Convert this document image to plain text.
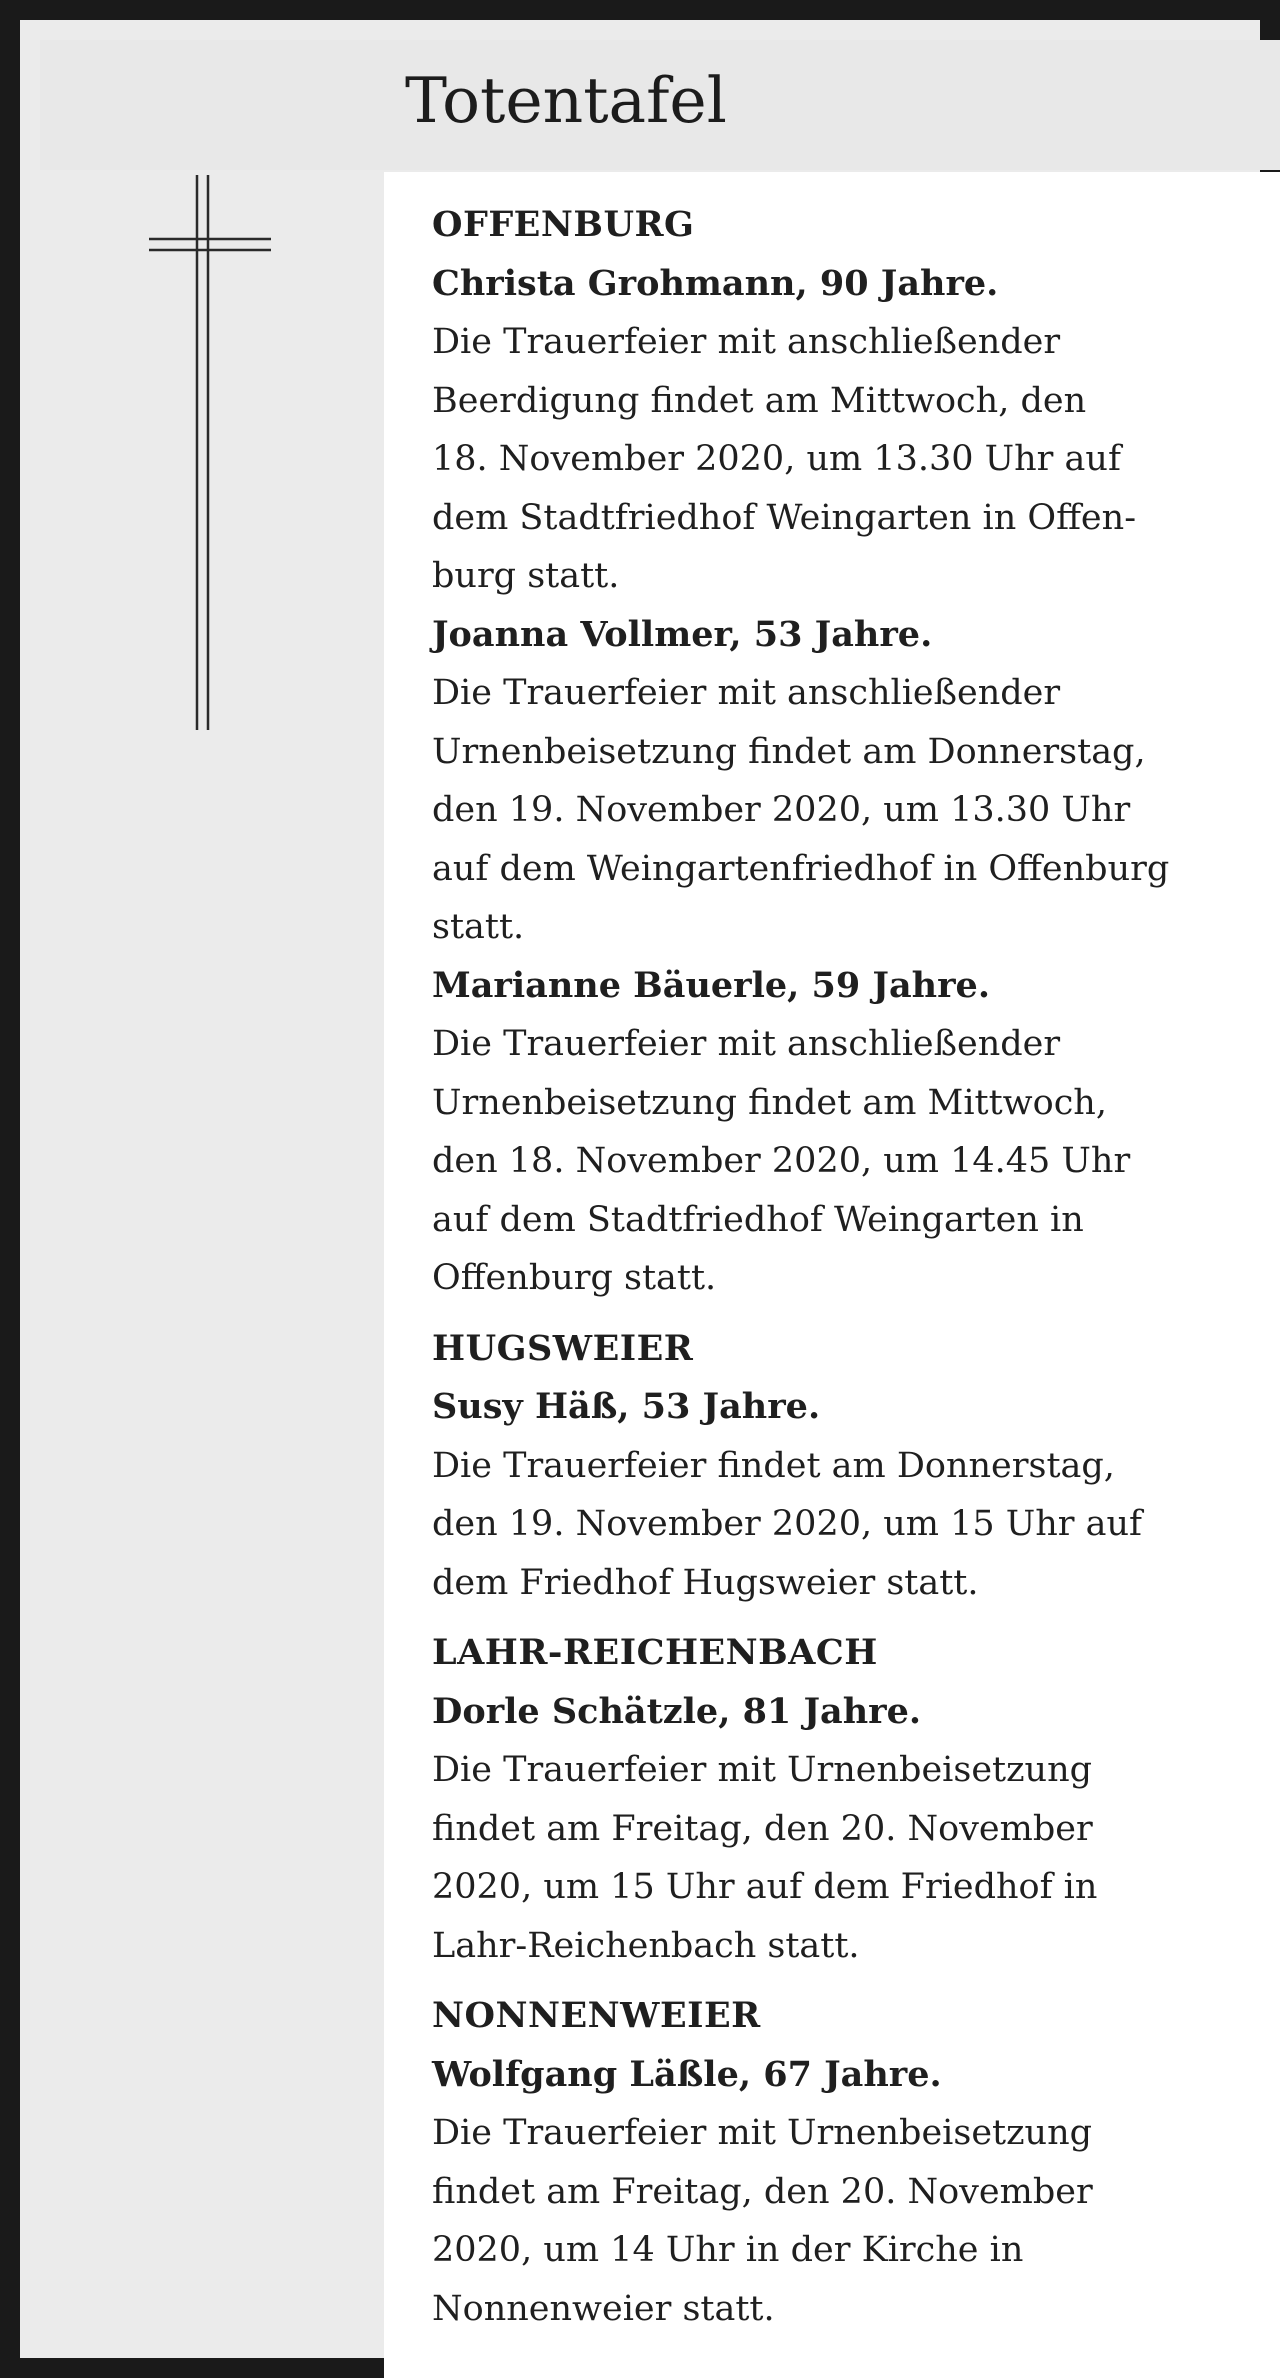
Totentafel
OFFENBURG
Christa Grohmann, 90 Jahre.
Die Trauerfeier mit anschließender
Beerdigung findet am Mittwoch, den
18. November 2020, um 13.30 Uhr auf
dem Stadtfriedhof Weingarten in Offen-
burg statt.
Joanna Vollmer, 53 Jahre.
Die Trauerfeier mit anschließender
Urnenbeisetzung findet am Donnerstag,
den 19. November 2020, um 13.30 Uhr
auf dem Weingartenfriedhof in Offenburg
statt.
Marianne Bäuerle, 59 Jahre.
Die Trauerfeier mit anschließender
Urnenbeisetzung findet am Mittwoch,
den 18. November 2020, um 14.45 Uhr
auf dem Stadtfriedhof Weingarten in
Offenburg statt.
HUGSWEIER
Susy Häß, 53 Jahre.
Die Trauerfeier findet am Donnerstag,
den 19. November 2020, um 15 Uhr auf
dem Friedhof Hugsweier statt.
LAHR-REICHENBACH
Dorle Schätzle, 81 Jahre.
Die Trauerfeier mit Urnenbeisetzung
findet am Freitag, den 20. November
2020, um 15 Uhr auf dem Friedhof in
Lahr-Reichenbach statt.
NONNENWEIER
Wolfgang Läßle, 67 Jahre.
Die Trauerfeier mit Urnenbeisetzung
findet am Freitag, den 20. November
2020, um 14 Uhr in der Kirche in
Nonnenweier statt.
